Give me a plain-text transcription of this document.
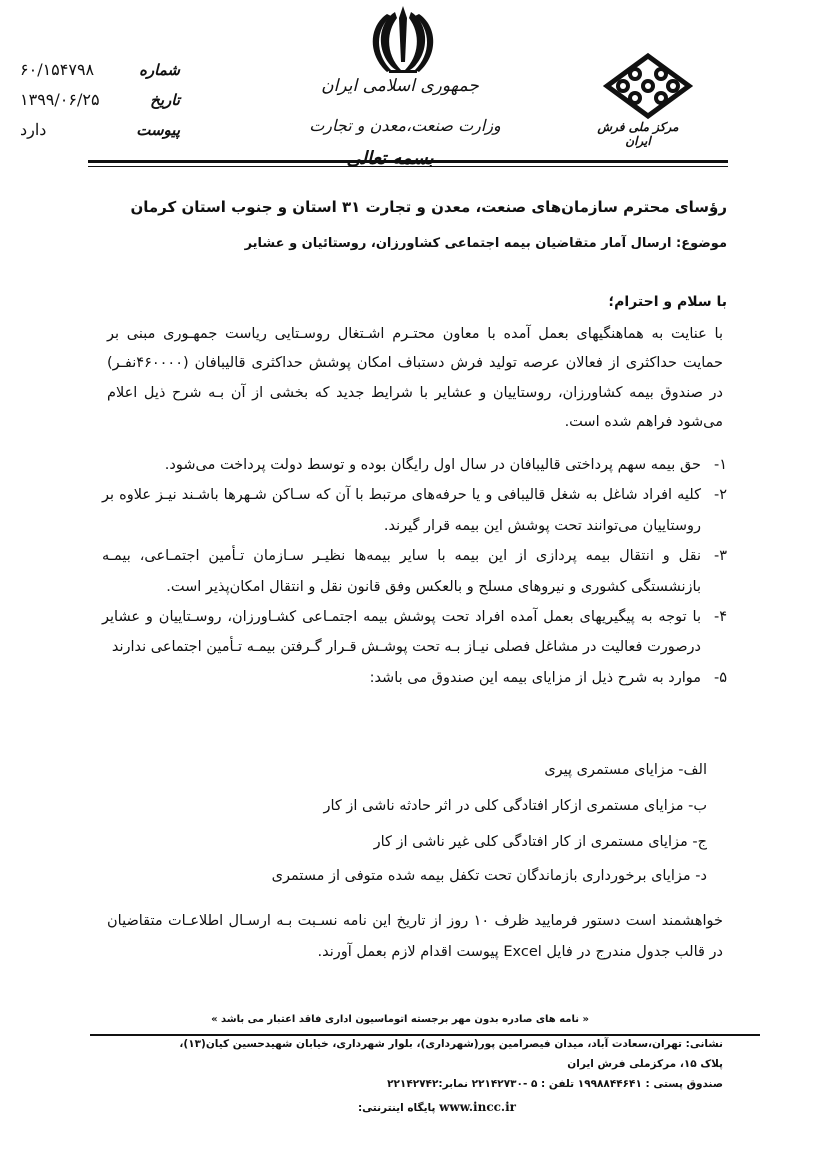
جمهوری اسلامی ایران
وزارت صنعت،معدن و تجارت
بسمه تعالی
مرکز ملی فرش ایران
شماره
۶۰/۱۵۴۷۹۸
تاریخ
۱۳۹۹/۰۶/۲۵
پیوست
دارد
رؤسای محترم سازمان‌های صنعت، معدن و تجارت ۳۱ استان و جنوب استان کرمان
موضوع: ارسال آمار متقاضیان بیمه اجتماعی کشاورزان، روستائیان و عشایر
با سلام و احترام؛
با عنایت به هماهنگیهای بعمل آمده با معاون محتـرم اشـتغال روسـتایی ریاست جمهـوری مبنی بر حمایت حداکثری از فعالان عرصه تولید فرش دستباف امکان پوشش حداکثری قالیبافان (۴۶۰۰۰۰نفـر) در صندوق بیمه کشاورزان، روستاییان و عشایر با شرایط جدید که بخشی از آن بـه شرح ذیل اعلام می‌شود فراهم شده است.
۱-
حق بیمه سهم پرداختی قالیبافان در سال اول رایگان بوده و توسط دولت پرداخت می‌شود.
۲-
کلیه افراد شاغل به شغل قالیبافی و یا حرفه‌های مرتبط با آن که سـاکن شـهرها باشـند نیـز علاوه بر روستاییان می‌توانند تحت پوشش این بیمه قرار گیرند.
۳-
نقل و انتقال بیمه پردازی از این بیمه با سایر بیمه‌ها نظیـر سـازمان تـأمین اجتمـاعی، بیمـه بازنشستگی کشوری و نیروهای مسلح و بالعکس وفق قانون نقل و انتقال امکان‌پذیر است.
۴-
با توجه به پیگیریهای بعمل آمده افراد تحت پوشش بیمه اجتمـاعی کشـاورزان، روسـتاییان و عشایر درصورت فعالیت در مشاغل فصلی نیـاز بـه تحت پوشـش قـرار گـرفتن بیمـه تـأمین اجتماعی ندارند
۵-
موارد به شرح ذیل از مزایای بیمه این صندوق می باشد:
الف- مزایای مستمری پیری
ب- مزایای مستمری ازکار افتادگی کلی در اثر حادثه ناشی از کار
ج- مزایای مستمری از کار افتادگی کلی غیر ناشی از کار
د- مزایای برخورداری بازماندگان تحت تکفل بیمه شده متوفی از مستمری
خواهشمند است دستور فرمایید ظرف ۱۰ روز از تاریخ این نامه نسـبت بـه ارسـال اطلاعـات متقاضیان در قالب جدول مندرج در فایل Excel پیوست اقدام لازم بعمل آورند.
« نامه های صادره بدون مهر برجسته اتوماسیون اداری فاقد اعتبار می باشد »
نشانی: تهران،سعادت آباد، میدان فیصرامین پور(شهرداری)، بلوار شهرداری، خیابان شهیدحسین کیان(۱۳)،
پلاک ۱۵، مرکزملی فرش ایران
صندوق پستی : ۱۹۹۸۸۴۴۶۴۱ تلفن : ۵ -۲۲۱۴۲۷۳۰ نمابر:۲۲۱۴۲۷۴۲
پایگاه اینترنتی: www.incc.ir
